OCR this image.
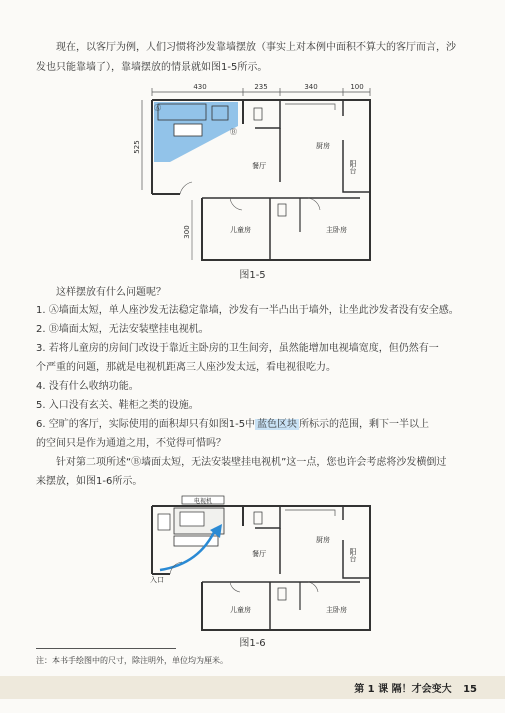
现在，以客厅为例，人们习惯将沙发靠墙摆放（事实上对本例中面积不算大的客厅而言，沙
发也只能靠墙了），靠墙摆放的情景就如图1-5所示。
430	235	340	100
525
Ⓐ
Ⓑ
300
厨房
餐厅
儿童房	主卧房
阳台
图1-5
这样摆放有什么问题呢？
1. Ⓐ墙面太短，单人座沙发无法稳定靠墙，沙发有一半凸出于墙外，让坐此沙发者没有安全感。
2. Ⓑ墙面太短，无法安装壁挂电视机。
3. 若将儿童房的房间门改设于靠近主卧房的卫生间旁，虽然能增加电视墙宽度，但仍然有一
个严重的问题，那就是电视机距离三人座沙发太远，看电视很吃力。
4. 没有什么收纳功能。
5. 入口没有玄关、鞋柜之类的设施。
6. 空旷的客厅，实际使用的面积却只有如图1-5中 蓝色区块 所标示的范围，剩下一半以上
的空间只是作为通道之用，不觉得可惜吗？
针对第二项所述“Ⓑ墙面太短，无法安装壁挂电视机”这一点，您也许会考虑将沙发横倒过
来摆放，如图1-6所示。
电视机
入口
厨房
餐厅
儿童房	主卧房
阳台
图1-6
注：本书手绘图中的尺寸，除注明外，单位均为厘米。
第 1 课 隔！才会变大 15
